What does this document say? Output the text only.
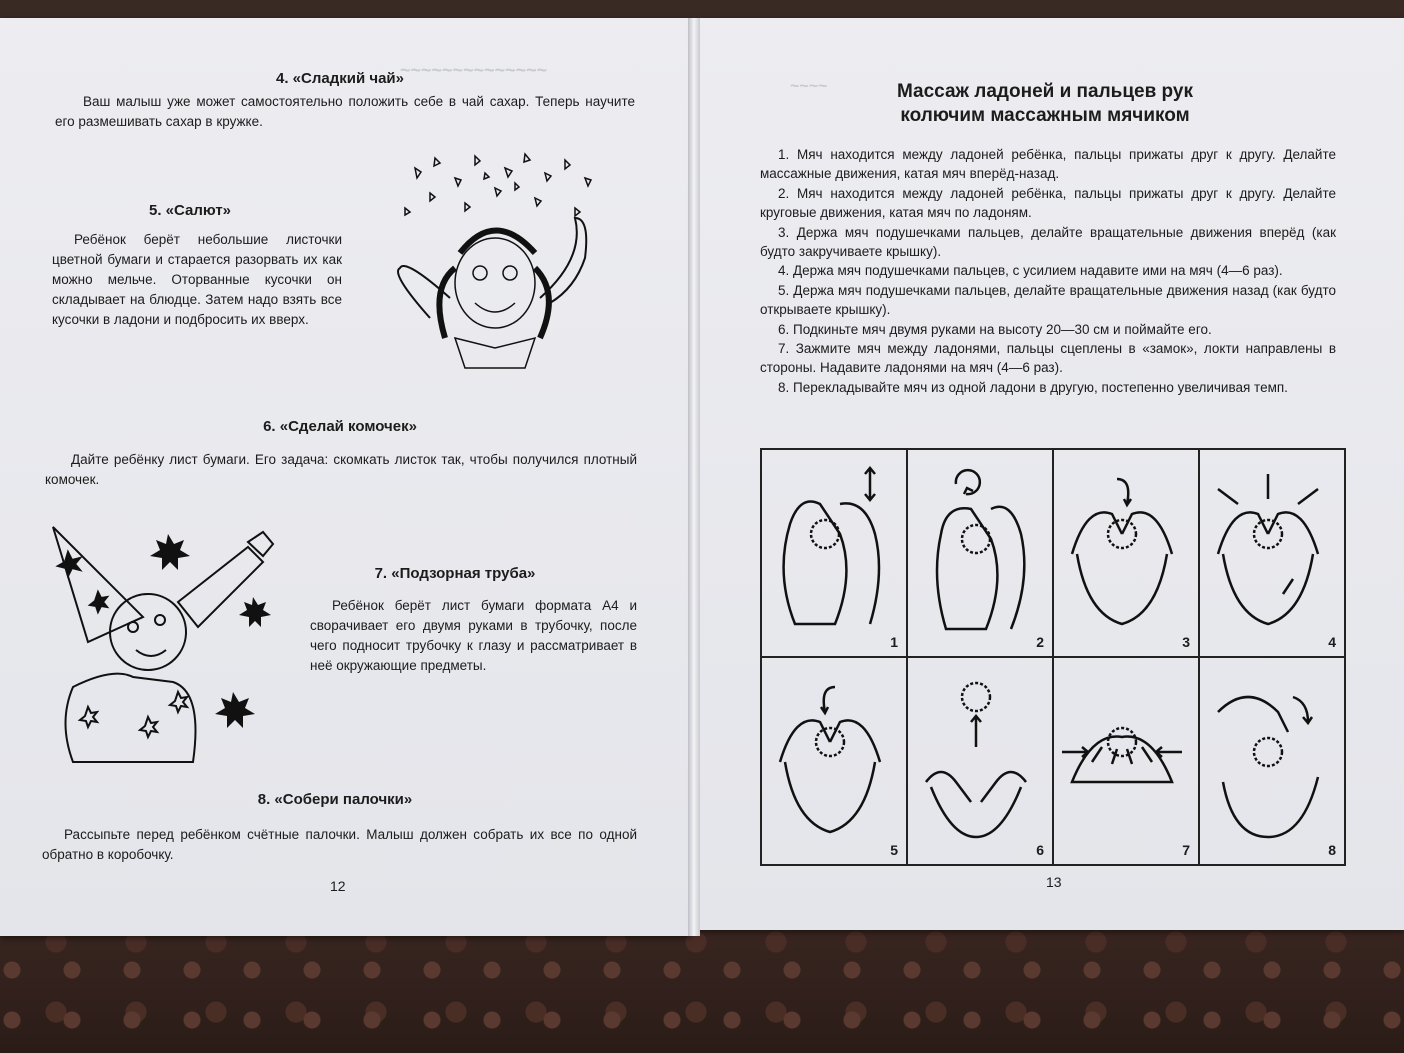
~~~~~~~~~~~~~~
4. «Сладкий чай»

Ваш малыш уже может самостоятельно положить себе в чай сахар. Теперь научите его размешивать сахар в кружке.

5. «Салют»

Ребёнок берёт небольшие листочки цветной бумаги и старается разорвать их как можно мельче. Оторванные кусочки он складывает на блюдце. Затем надо взять все кусочки в ладони и подбросить их вверх.

6. «Сделай комочек»

Дайте ребёнку лист бумаги. Его задача: скомкать листок так, чтобы получился плотный комочек.

7. «Подзорная труба»

Ребёнок берёт лист бумаги формата А4 и сворачивает его двумя руками в трубочку, после чего подносит трубочку к глазу и рассматривает в неё окружающие предметы.

8. «Собери палочки»

Рассыпьте перед ребёнком счётные палочки. Малыш должен собрать их все по одной обратно в коробочку.

12
~~~~	Массаж ладоней и пальцев рук
колючим массажным мячиком

1. Мяч находится между ладоней ребёнка, пальцы прижаты друг к другу. Делайте массажные движения, катая мяч вперёд-назад.

2. Мяч находится между ладоней ребёнка, пальцы прижаты друг к другу. Делайте круговые движения, катая мяч по ладоням.

3. Держа мяч подушечками пальцев, делайте вращательные движения вперёд (как будто закручиваете крышку).

4. Держа мяч подушечками пальцев, с усилием надавите ими на мяч (4—6 раз).

5. Держа мяч подушечками пальцев, делайте вращательные движения назад (как будто открываете крышку).

6. Подкиньте мяч двумя руками на высоту 20—30 см и поймайте его.

7. Зажмите мяч между ладонями, пальцы сцеплены в «замок», локти направлены в стороны. Надавите ладонями на мяч (4—6 раз).

8. Перекладывайте мяч из одной ладони в другую, постепенно увеличивая темп.

1	2	3	4
5	6	7	8
13
